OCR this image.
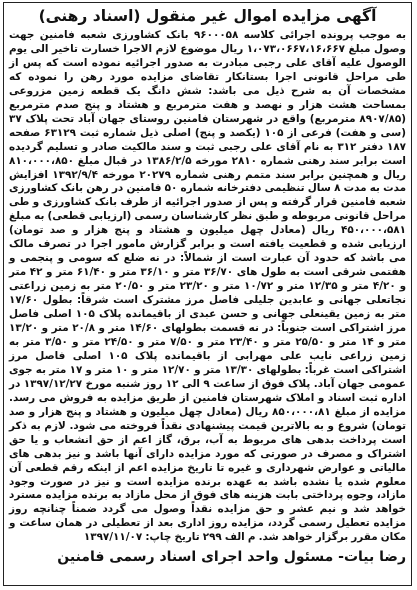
آگهی مزایده اموال غیر منقول (اسناد رهنی)

به موجب پرونده اجرائی کلاسه ۹۶۰۰۰۵۸ بانک کشاورزی شعبه فامنین جهت وصول مبلغ ۱،۰۷۳،۰۶۶۷،۱۶،۶۶۷ ریال موضوع لازم الاجرا خسارت تاخیر الی یوم الوصول علیه آقای علی رجبی مبادرت به صدور اجرائیه نموده است که پس از طی مراحل قانونی اجرا بستانکار تقاضای مزایده مورد رهن را نموده که مشخصات آن به شرح ذیل می باشد: شش دانگ یک قطعه زمین مزروعی بمساحت هشت هزار و نهصد و هفت مترمربع و هشتاد و پنج صدم مترمربع (۸۹۰۷/۸۵ مترمربع) واقع در شهرستان فامنین روستای جهان آباد تحت پلاک ۳۷ (سی و هفت) فرعی از ۱۰۵ (یکصد و پنج) اصلی ذیل شماره ثبت ۶۳۱۲۹ صفحه ۱۸۷ دفتر ۳۱۲ به نام آقای علی رجبی ثبت و سند مالکیت صادر و تسلیم گردیده است برابر سند رهنی شماره ۲۸۱۰ مورخه ۱۳۸۶/۲/۵ در قبال مبلغ ۸۱۰،۰۰۰،۸۵۰ ریال و همچنین برابر سند متمم رهنی شماره ۲۰۲۷۹ مورخه ۱۳۹۲/۹/۴ افزایش مدت به مدت ۸ سال تنظیمی دفترخانه شماره ۵۰ فامنین در رهن بانک کشاورزی شعبه فامنین قرار گرفته و پس از صدور اجرائیه از طرف بانک کشاورزی و طی مراحل قانونی مربوطه و طبق نظر کارشناسان رسمی (ارزیابی قطعی) به مبلغ ۴۵۰،۰۰۰،۵۸۱ ریال (معادل چهل میلیون و هشتاد و پنج هزار و صد تومان) ارزیابی شده و قطعیت یافته است و برابر گزارش مامور اجرا در تصرف مالک می باشد که حدود آن عبارت است از شمالاً: در نه ضلع که سومی و پنجمی و هفتمی شرقی است به طول های ۳۶/۷۰ متر و ۳۶/۱۰ متر و ۶۱/۴۰ متر و ۴۲ متر و ۴/۲۰ متر و ۱۲/۳۵ متر و ۱۰/۷۲ متر و ۲۳/۲۰ متر و ۲۰/۵۰ متر به زمین زراعتی نجاتعلی جهانی و عابدین جلیلی فاصل مرز مشترک است شرقاً: بطول ۱۷/۶۰ متر به زمین یقینعلی جهانی و حسن عبدی از باقیمانده پلاک ۱۰۵ اصلی فاصل مرز اشتراکی است جنوباً: در نه قسمت بطولهای ۱۴/۶۰ متر و ۲۰/۸ متر و ۱۳/۲۰ متر و ۱۴ متر و ۲۵/۵۰ متر و ۲۳/۴۰ متر و ۷/۵۰ متر و ۲۴/۵۰ متر و ۳/۵۰ متر به زمین زراعی نایب علی مهرابی از باقیمانده پلاک ۱۰۵ اصلی فاصل مرز اشتراکی است غرباً: بطولهای ۱۳/۳۰ متر و ۱۲/۷۰ متر و ۱۰ متر و ۱۷ متر به جوی عمومی جهان آباد. پلاک فوق از ساعت ۹ الی ۱۲ روز شنبه مورخ ۱۳۹۷/۱۲/۲۷ در اداره ثبت اسناد و املاک شهرستان فامنین از طریق مزایده به فروش می رسد. مزایده از مبلغ ۸۵۰،۰۰۰،۸۱ ریال (معادل چهل میلیون و هشتاد و پنج هزار و صد تومان) شروع و به بالاترین قیمت پیشنهادی نقداً فروخته می شود. لازم به ذکر است پرداخت بدهی های مربوط به آب، برق، گاز اعم از حق انشعاب و یا حق اشتراک و مصرف در صورتی که مورد مزایده دارای آنها باشد و نیز بدهی های مالیاتی و عوارض شهرداری و غیره تا تاریخ مزایده اعم از اینکه رقم قطعی آن معلوم شده یا نشده باشد به عهده برنده مزایده است و نیز در صورت وجود مازاد، وجوه پرداختی بابت هزینه های فوق از محل مازاد به برنده مزایده مسترد خواهد شد و نیم عشر و حق مزایده نقداً وصول می گردد ضمناً چنانچه روز مزایده تعطیل رسمی گردد، مزایده روز اداری بعد از تعطیلی در همان ساعت و مکان مقرر برگزار خواهد شد. م الف ۲۹۹ تاریخ چاپ: ۱۳۹۷/۱۱/۰۷

رضا بیات- مسئول واحد اجرای اسناد رسمی فامنین
